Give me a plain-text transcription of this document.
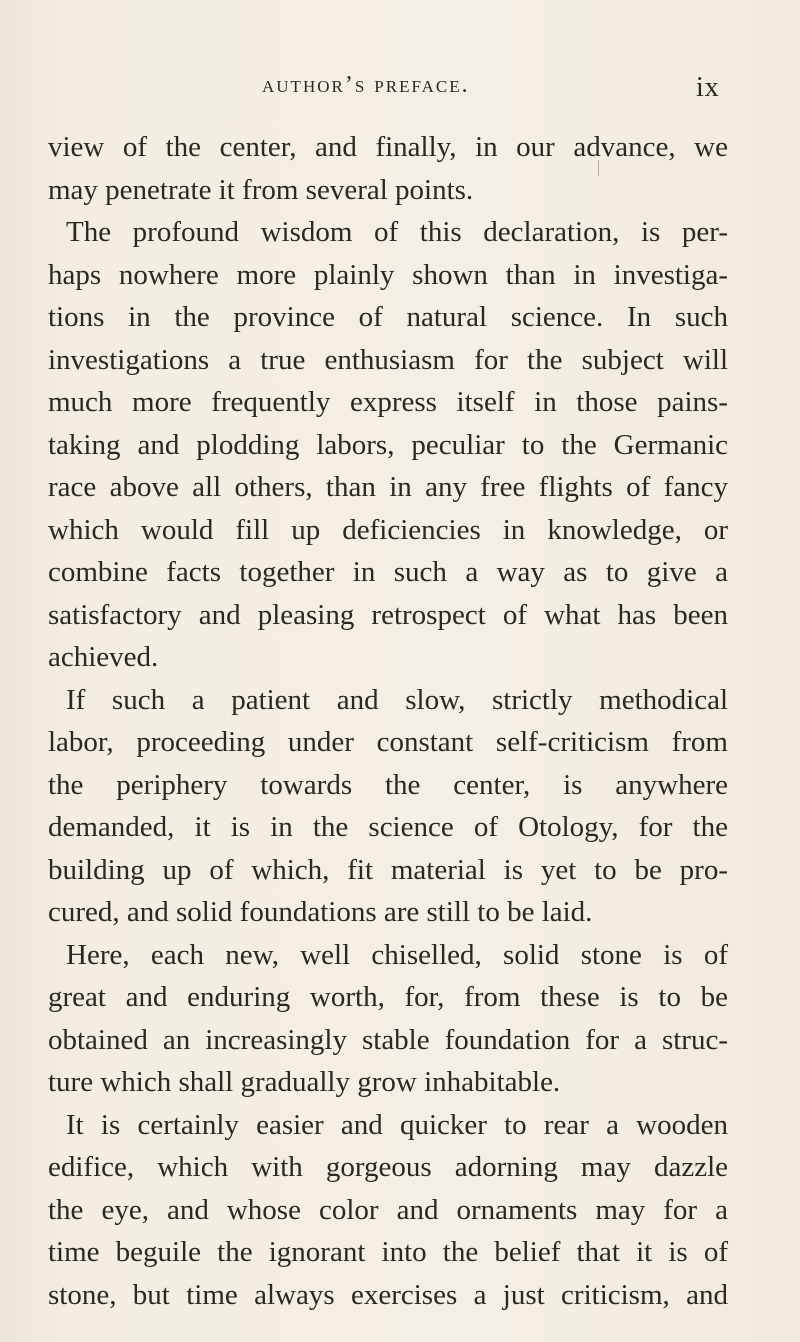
author’s preface.	ix
view of the center, and finally, in our advance, we
may penetrate it from several points.
The profound wisdom of this declaration, is per-
haps nowhere more plainly shown than in investiga-
tions in the province of natural science. In such
investigations a true enthusiasm for the subject will
much more frequently express itself in those pains-
taking and plodding labors, peculiar to the Germanic
race above all others, than in any free flights of fancy
which would fill up deficiencies in knowledge, or
combine facts together in such a way as to give a
satisfactory and pleasing retrospect of what has been
achieved.
If such a patient and slow, strictly methodical
labor, proceeding under constant self-criticism from
the periphery towards the center, is anywhere
demanded, it is in the science of Otology, for the
building up of which, fit material is yet to be pro-
cured, and solid foundations are still to be laid.
Here, each new, well chiselled, solid stone is of
great and enduring worth, for, from these is to be
obtained an increasingly stable foundation for a struc-
ture which shall gradually grow inhabitable.
It is certainly easier and quicker to rear a wooden
edifice, which with gorgeous adorning may dazzle
the eye, and whose color and ornaments may for a
time beguile the ignorant into the belief that it is of
stone, but time always exercises a just criticism, and
